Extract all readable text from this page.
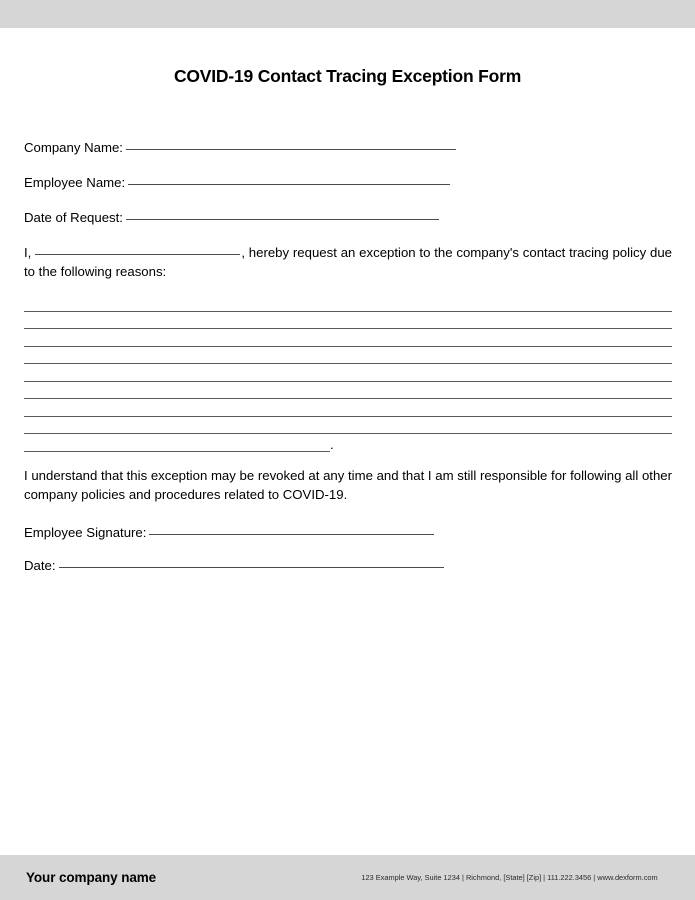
COVID-19 Contact Tracing Exception Form
Company Name:
Employee Name:
Date of Request:

I,	, hereby request an exception to the company's contact tracing policy due to the following reasons:

.

I understand that this exception may be revoked at any time and that I am still responsible for following all other company policies and procedures related to COVID-19.

Employee Signature:
Date:
Your company name	123 Example Way, Suite 1234 | Richmond, [State] [Zip] | 111.222.3456 | www.dexform.com
